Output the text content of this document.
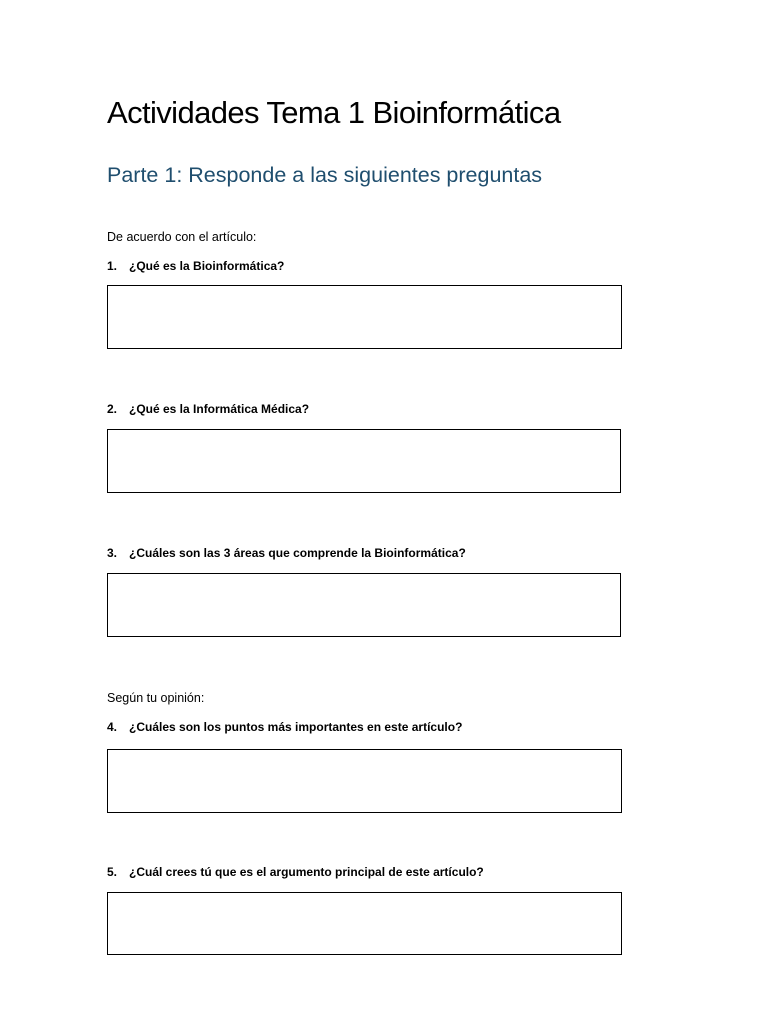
Actividades Tema 1 Bioinformática
Parte 1: Responde a las siguientes preguntas

De acuerdo con el artículo:

1. ¿Qué es la Bioinformática?

2. ¿Qué es la Informática Médica?

3. ¿Cuáles son las 3 áreas que comprende la Bioinformática?

Según tu opinión:

4. ¿Cuáles son los puntos más importantes en este artículo?

5. ¿Cuál crees tú que es el argumento principal de este artículo?
